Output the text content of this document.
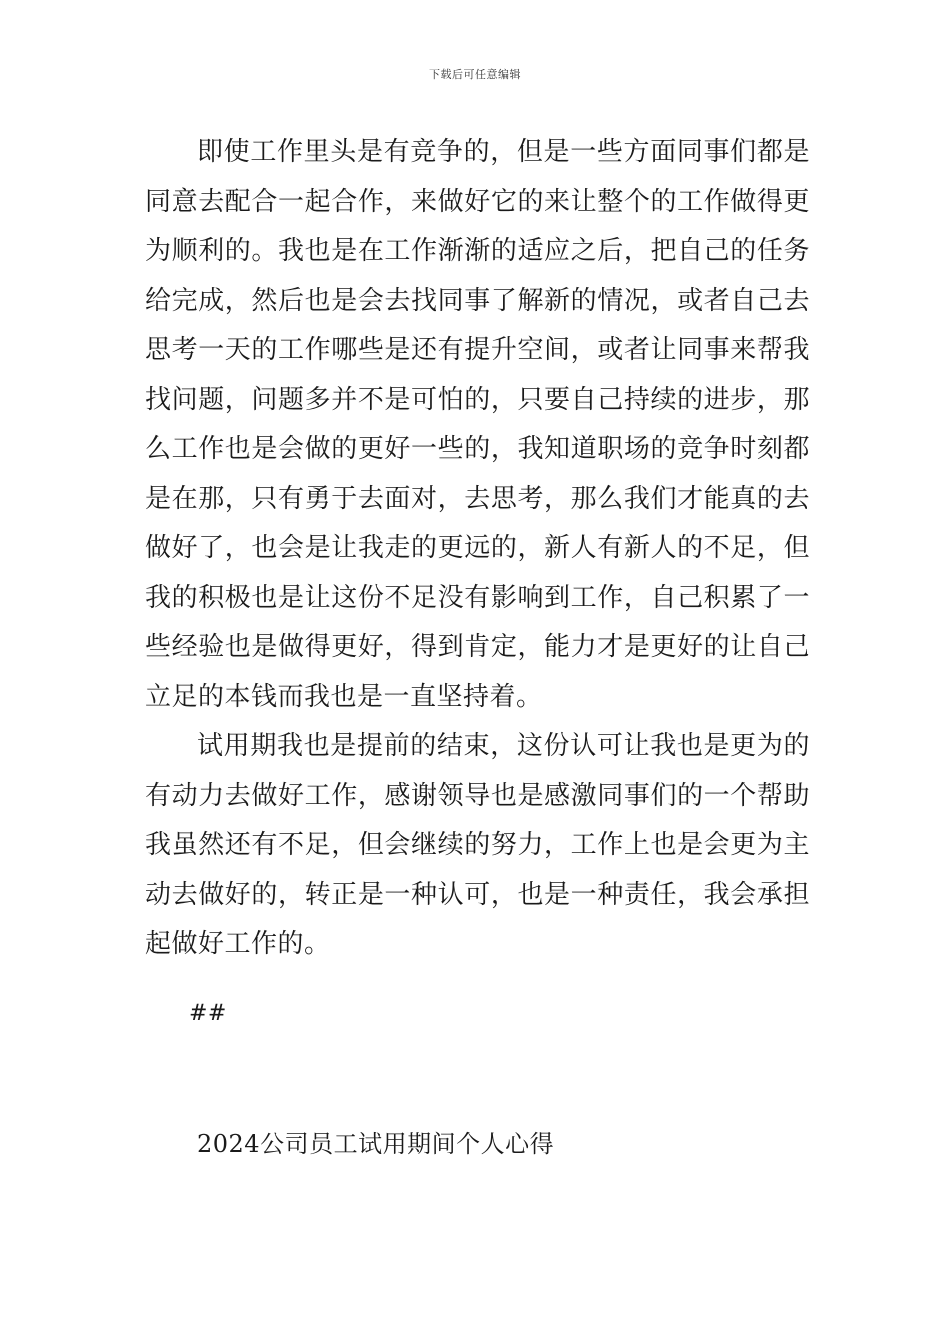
下载后可任意编辑

即使工作里头是有竞争的，但是一些方面同事们都是同意去配合一起合作，来做好它的来让整个的工作做得更为顺利的。我也是在工作渐渐的适应之后，把自己的任务给完成，然后也是会去找同事了解新的情况，或者自己去思考一天的工作哪些是还有提升空间，或者让同事来帮我找问题，问题多并不是可怕的，只要自己持续的进步，那么工作也是会做的更好一些的，我知道职场的竞争时刻都是在那，只有勇于去面对，去思考，那么我们才能真的去做好了，也会是让我走的更远的，新人有新人的不足，但我的积极也是让这份不足没有影响到工作，自己积累了一些经验也是做得更好，得到肯定，能力才是更好的让自己立足的本钱而我也是一直坚持着。

试用期我也是提前的结束，这份认可让我也是更为的有动力去做好工作，感谢领导也是感激同事们的一个帮助我虽然还有不足，但会继续的努力，工作上也是会更为主动去做好的，转正是一种认可，也是一种责任，我会承担起做好工作的。

##

2024公司员工试用期间个人心得
